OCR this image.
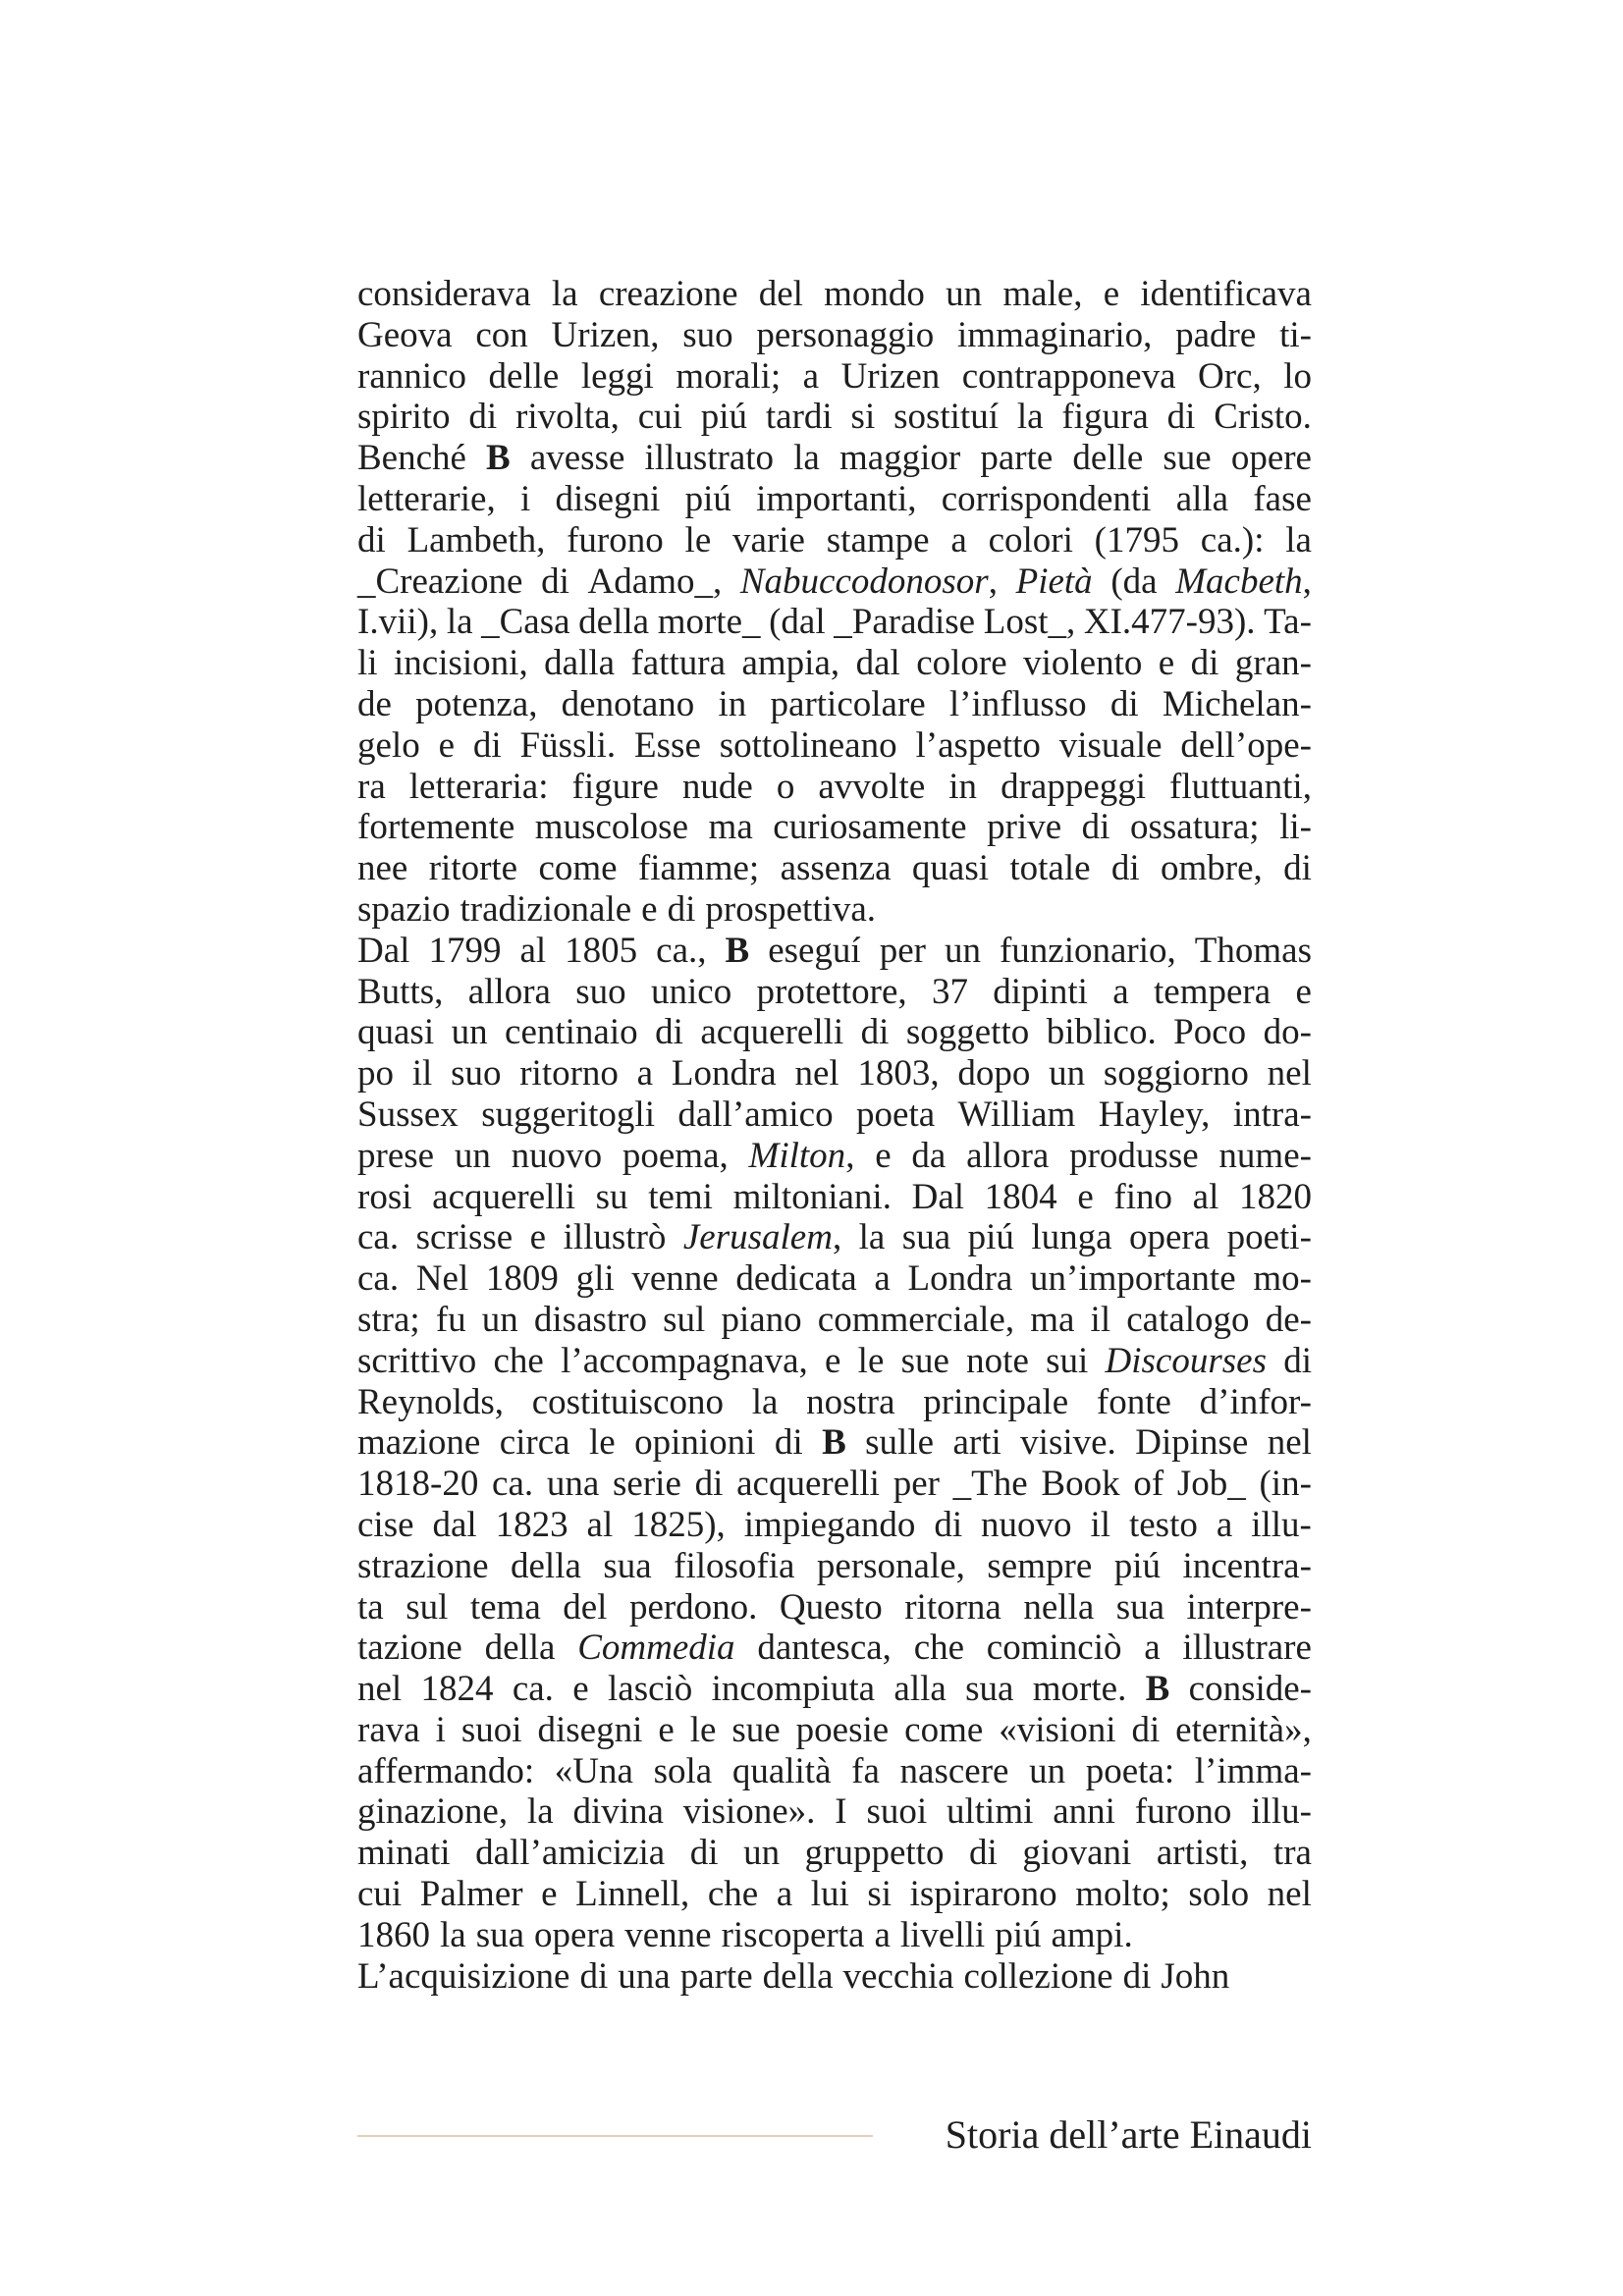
considerava la creazione del mondo un male, e identificava
Geova con Urizen, suo personaggio immaginario, padre ti-
rannico delle leggi morali; a Urizen contrapponeva Orc, lo
spirito di rivolta, cui piú tardi si sostituí la figura di Cristo.
Benché B avesse illustrato la maggior parte delle sue opere
letterarie, i disegni piú importanti, corrispondenti alla fase
di Lambeth, furono le varie stampe a colori (1795 ca.): la
_Creazione di Adamo_, Nabuccodonosor, Pietà (da Macbeth,
I.vii), la _Casa della morte_ (dal _Paradise Lost_, XI.477-93). Ta-
li incisioni, dalla fattura ampia, dal colore violento e di gran-
de potenza, denotano in particolare l’influsso di Michelan-
gelo e di Füssli. Esse sottolineano l’aspetto visuale dell’ope-
ra letteraria: figure nude o avvolte in drappeggi fluttuanti,
fortemente muscolose ma curiosamente prive di ossatura; li-
nee ritorte come fiamme; assenza quasi totale di ombre, di
spazio tradizionale e di prospettiva.
Dal 1799 al 1805 ca., B eseguí per un funzionario, Thomas
Butts, allora suo unico protettore, 37 dipinti a tempera e
quasi un centinaio di acquerelli di soggetto biblico. Poco do-
po il suo ritorno a Londra nel 1803, dopo un soggiorno nel
Sussex suggeritogli dall’amico poeta William Hayley, intra-
prese un nuovo poema, Milton, e da allora produsse nume-
rosi acquerelli su temi miltoniani. Dal 1804 e fino al 1820
ca. scrisse e illustrò Jerusalem, la sua piú lunga opera poeti-
ca. Nel 1809 gli venne dedicata a Londra un’importante mo-
stra; fu un disastro sul piano commerciale, ma il catalogo de-
scrittivo che l’accompagnava, e le sue note sui Discourses di
Reynolds, costituiscono la nostra principale fonte d’infor-
mazione circa le opinioni di B sulle arti visive. Dipinse nel
1818-20 ca. una serie di acquerelli per _The Book of Job_ (in-
cise dal 1823 al 1825), impiegando di nuovo il testo a illu-
strazione della sua filosofia personale, sempre piú incentra-
ta sul tema del perdono. Questo ritorna nella sua interpre-
tazione della Commedia dantesca, che cominciò a illustrare
nel 1824 ca. e lasciò incompiuta alla sua morte. B conside-
rava i suoi disegni e le sue poesie come «visioni di eternità»,
affermando: «Una sola qualità fa nascere un poeta: l’imma-
ginazione, la divina visione». I suoi ultimi anni furono illu-
minati dall’amicizia di un gruppetto di giovani artisti, tra
cui Palmer e Linnell, che a lui si ispirarono molto; solo nel
1860 la sua opera venne riscoperta a livelli piú ampi.
L’acquisizione di una parte della vecchia collezione di John
Storia dell’arte Einaudi
